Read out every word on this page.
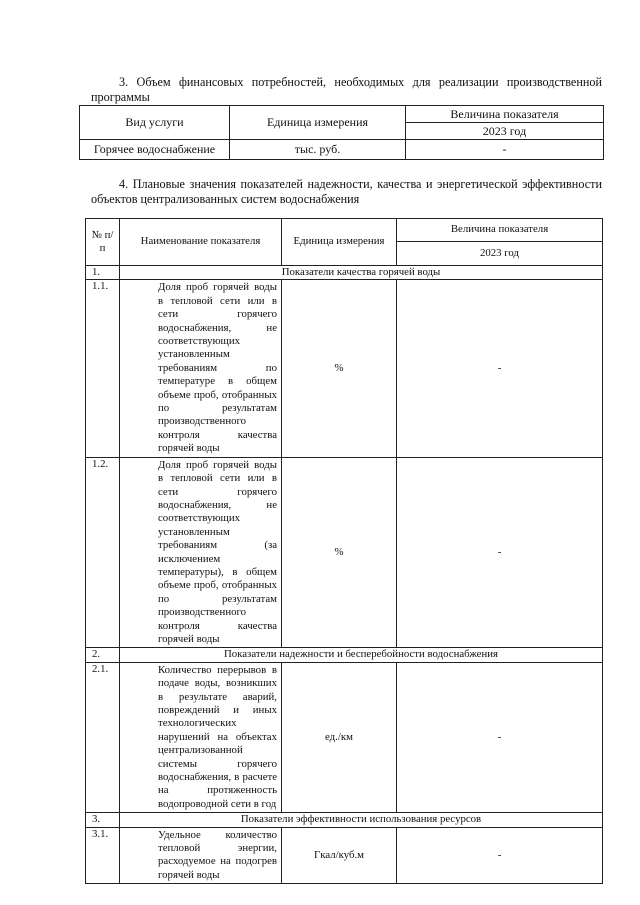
3. Объем финансовых потребностей, необходимых для реализации производственной программы
Вид услуги	Единица измерения	Величина показателя
		2023 год
Горячее водоснабжение	тыс. руб.	-
4. Плановые значения показателей надежности, качества и энергетической эффективности объектов централизованных систем водоснабжения
№ п/п	Наименование показателя	Единица измерения	Величина показателя
			2023 год
1.	Показатели качества горячей воды		
1.1.	Доля проб горячей воды в тепловой сети или в сети горячего водоснабжения, не соответствующих установленным требованиям по температуре в общем объеме проб, отобранных по результатам производственного контроля качества горячей воды	%	-
1.2.	Доля проб горячей воды в тепловой сети или в сети горячего водоснабжения, не соответствующих установленным требованиям (за исключением температуры), в общем объеме проб, отобранных по результатам производственного контроля качества горячей воды	%	-
2.	Показатели надежности и бесперебойности водоснабжения		
2.1.	Количество перерывов в подаче воды, возникших в результате аварий, повреждений и иных технологических нарушений на объектах централизованной системы горячего водоснабжения, в расчете на протяженность водопроводной сети в год	ед./км	-
3.	Показатели эффективности использования ресурсов		
3.1.	Удельное количество тепловой энергии, расходуемое на подогрев горячей воды	Гкал/куб.м	-
